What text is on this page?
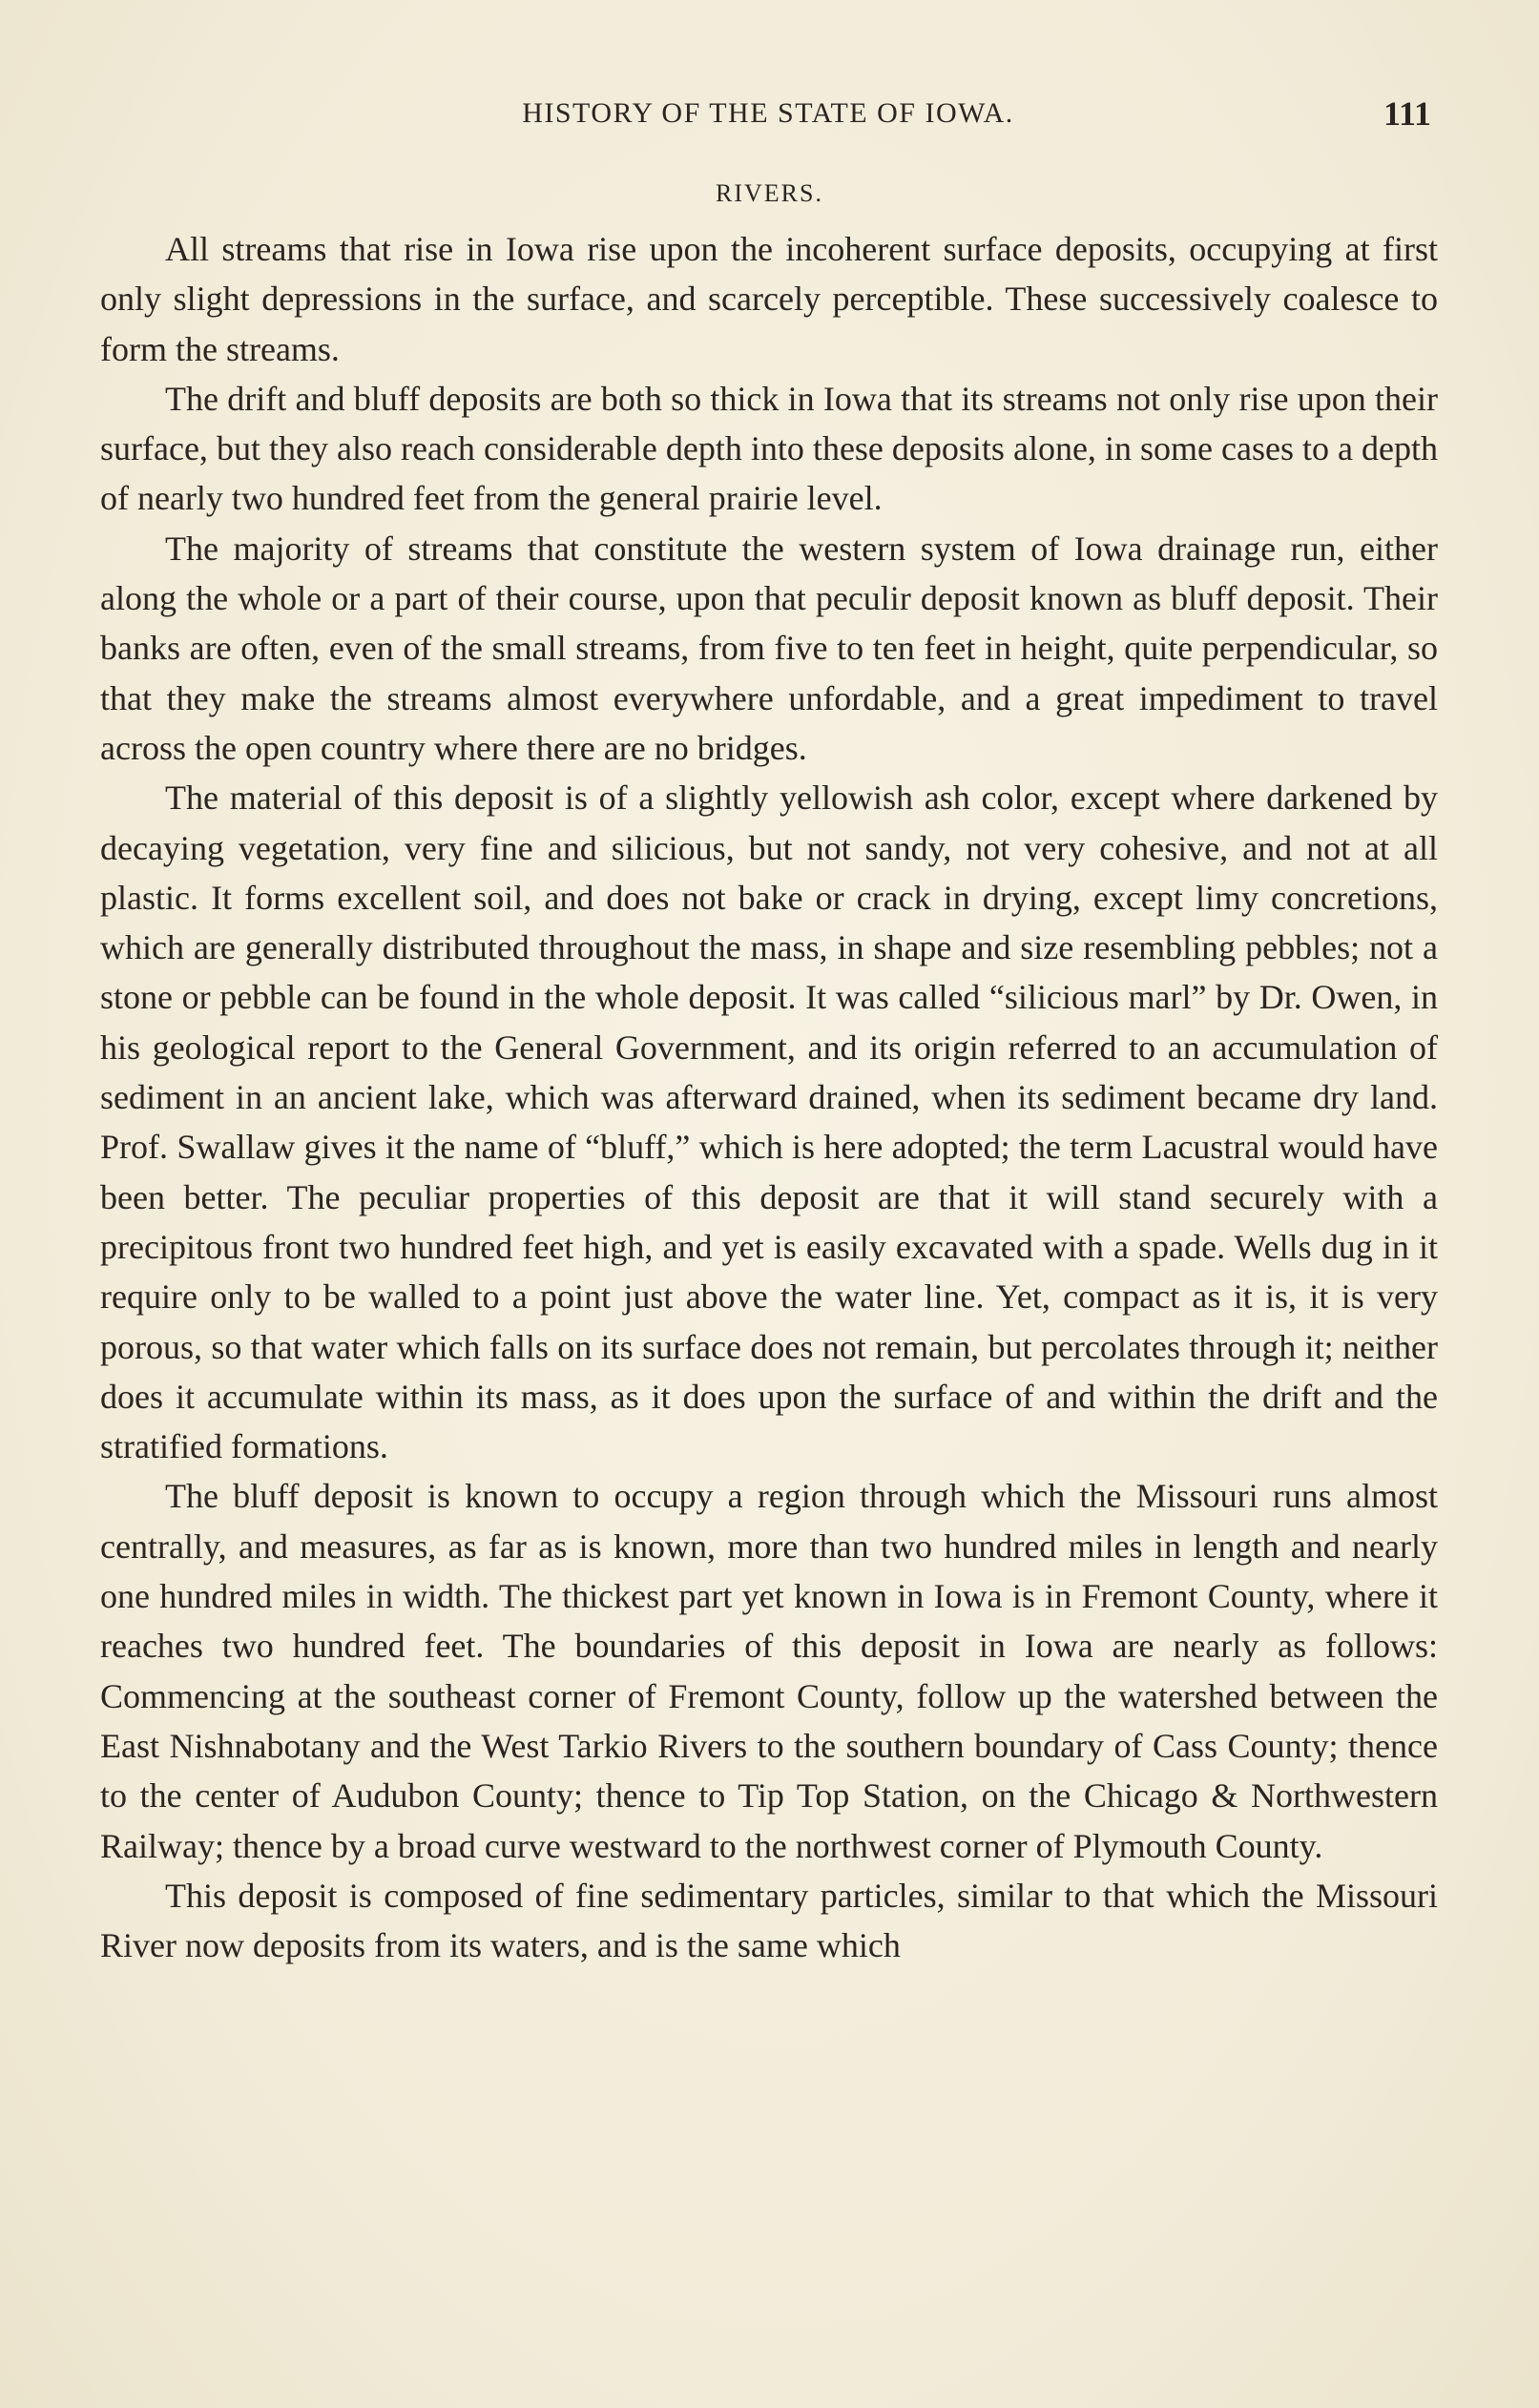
HISTORY OF THE STATE OF IOWA.	111
RIVERS.

All streams that rise in Iowa rise upon the incoherent surface deposits, occupying at first only slight depressions in the surface, and scarcely perceptible. These successively coalesce to form the streams.

The drift and bluff deposits are both so thick in Iowa that its streams not only rise upon their surface, but they also reach considerable depth into these deposits alone, in some cases to a depth of nearly two hundred feet from the general prairie level.

The majority of streams that constitute the western system of Iowa drainage run, either along the whole or a part of their course, upon that peculir deposit known as bluff deposit. Their banks are often, even of the small streams, from five to ten feet in height, quite perpendicular, so that they make the streams almost everywhere unfordable, and a great impediment to travel across the open country where there are no bridges.

The material of this deposit is of a slightly yellowish ash color, except where darkened by decaying vegetation, very fine and silicious, but not sandy, not very cohesive, and not at all plastic. It forms excellent soil, and does not bake or crack in drying, except limy concretions, which are generally distributed throughout the mass, in shape and size resembling pebbles; not a stone or pebble can be found in the whole deposit. It was called “silicious marl” by Dr. Owen, in his geological report to the General Government, and its origin referred to an accumulation of sediment in an ancient lake, which was afterward drained, when its sediment became dry land. Prof. Swallaw gives it the name of “bluff,” which is here adopted; the term Lacustral would have been better. The peculiar properties of this deposit are that it will stand securely with a precipitous front two hundred feet high, and yet is easily excavated with a spade. Wells dug in it require only to be walled to a point just above the water line. Yet, compact as it is, it is very porous, so that water which falls on its surface does not remain, but percolates through it; neither does it accumulate within its mass, as it does upon the surface of and within the drift and the stratified formations.

The bluff deposit is known to occupy a region through which the Missouri runs almost centrally, and measures, as far as is known, more than two hundred miles in length and nearly one hundred miles in width. The thickest part yet known in Iowa is in Fremont County, where it reaches two hundred feet. The boundaries of this deposit in Iowa are nearly as follows: Commencing at the southeast corner of Fremont County, follow up the watershed between the East Nishnabotany and the West Tarkio Rivers to the southern boundary of Cass County; thence to the center of Audubon County; thence to Tip Top Station, on the Chicago & Northwestern Railway; thence by a broad curve westward to the northwest corner of Plymouth County.

This deposit is composed of fine sedimentary particles, similar to that which the Missouri River now deposits from its waters, and is the same which
